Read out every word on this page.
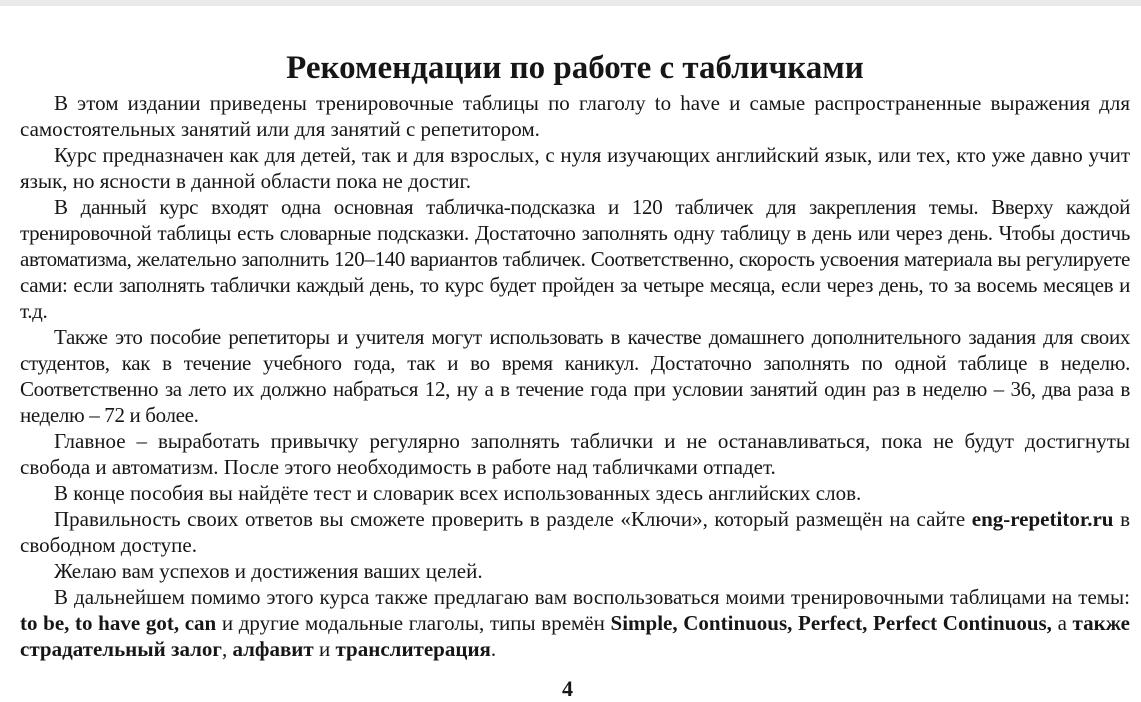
Рекомендации по работе с табличками

В этом издании приведены тренировочные таблицы по глаголу to have и самые распространенные выражения для самостоятельных занятий или для занятий с репетитором.

Курс предназначен как для детей, так и для взрослых, с нуля изучающих английский язык, или тех, кто уже давно учит язык, но ясности в данной области пока не достиг.

В данный курс входят одна основная табличка-подсказка и 120 табличек для закрепления темы. Вверху каждой тренировочной таблицы есть словарные подсказки. Достаточно заполнять одну таблицу в день или через день. Чтобы достичь автоматизма, желательно заполнить 120–140 вариантов табличек. Соответственно, скорость усвоения материала вы регулируете сами: если заполнять таблички каждый день, то курс будет пройден за четыре месяца, если через день, то за восемь месяцев и т.д.

Также это пособие репетиторы и учителя могут использовать в качестве домашнего дополнительного задания для своих студентов, как в течение учебного года, так и во время каникул. Достаточно заполнять по одной таблице в неделю. Соответственно за лето их должно набраться 12, ну а в течение года при условии занятий один раз в неделю – 36, два раза в неделю – 72 и более.

Главное – выработать привычку регулярно заполнять таблички и не останавливаться, пока не будут достигнуты свобода и автоматизм. После этого необходимость в работе над табличками отпадет.

В конце пособия вы найдёте тест и словарик всех использованных здесь английских слов.

Правильность своих ответов вы сможете проверить в разделе «Ключи», который размещён на сайте eng-repetitor.ru в свободном доступе.

Желаю вам успехов и достижения ваших целей.

В дальнейшем помимо этого курса также предлагаю вам воспользоваться моими тренировочными таблицами на темы: to be, to have got, can и другие модальные глаголы, типы времён Simple, Continuous, Perfect, Perfect Continuous, а также страдательный залог, алфавит и транслитерация.

4
